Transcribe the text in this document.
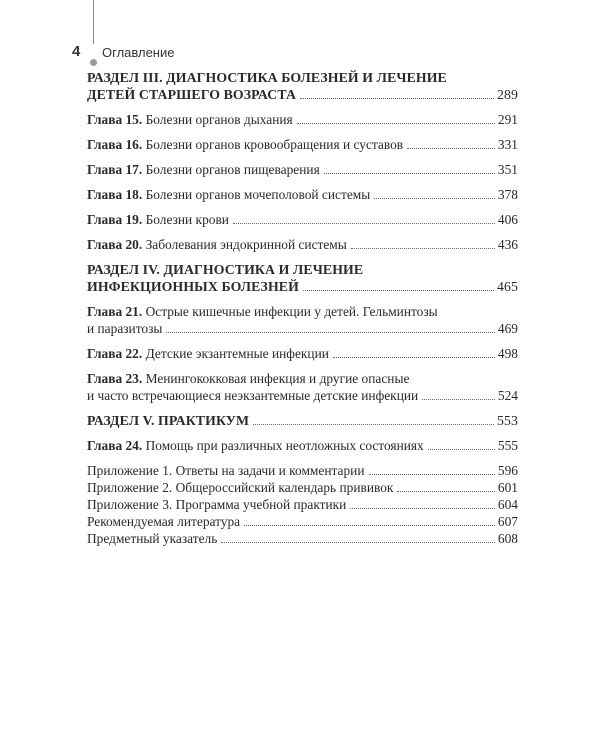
4 Оглавление
РАЗДЕЛ III. ДИАГНОСТИКА БОЛЕЗНЕЙ И ЛЕЧЕНИЕ
ДЕТЕЙ СТАРШЕГО ВОЗРАСТА	289
Глава 15. Болезни органов дыхания	291
Глава 16. Болезни органов кровообращения и суставов	331
Глава 17. Болезни органов пищеварения	351
Глава 18. Болезни органов мочеполовой системы	378
Глава 19. Болезни крови	406
Глава 20. Заболевания эндокринной системы	436
РАЗДЕЛ IV. ДИАГНОСТИКА И ЛЕЧЕНИЕ
ИНФЕКЦИОННЫХ БОЛЕЗНЕЙ	465
Глава 21. Острые кишечные инфекции у детей. Гельминтозы
и паразитозы	469
Глава 22. Детские экзантемные инфекции	498
Глава 23. Менингококковая инфекция и другие опасные
и часто встречающиеся неэкзантемные детские инфекции	524
РАЗДЕЛ V. ПРАКТИКУМ	553
Глава 24. Помощь при различных неотложных состояниях	555
Приложение 1. Ответы на задачи и комментарии	596
Приложение 2. Общероссийский календарь прививок	601
Приложение 3. Программа учебной практики	604
Рекомендуемая литература	607
Предметный указатель	608
